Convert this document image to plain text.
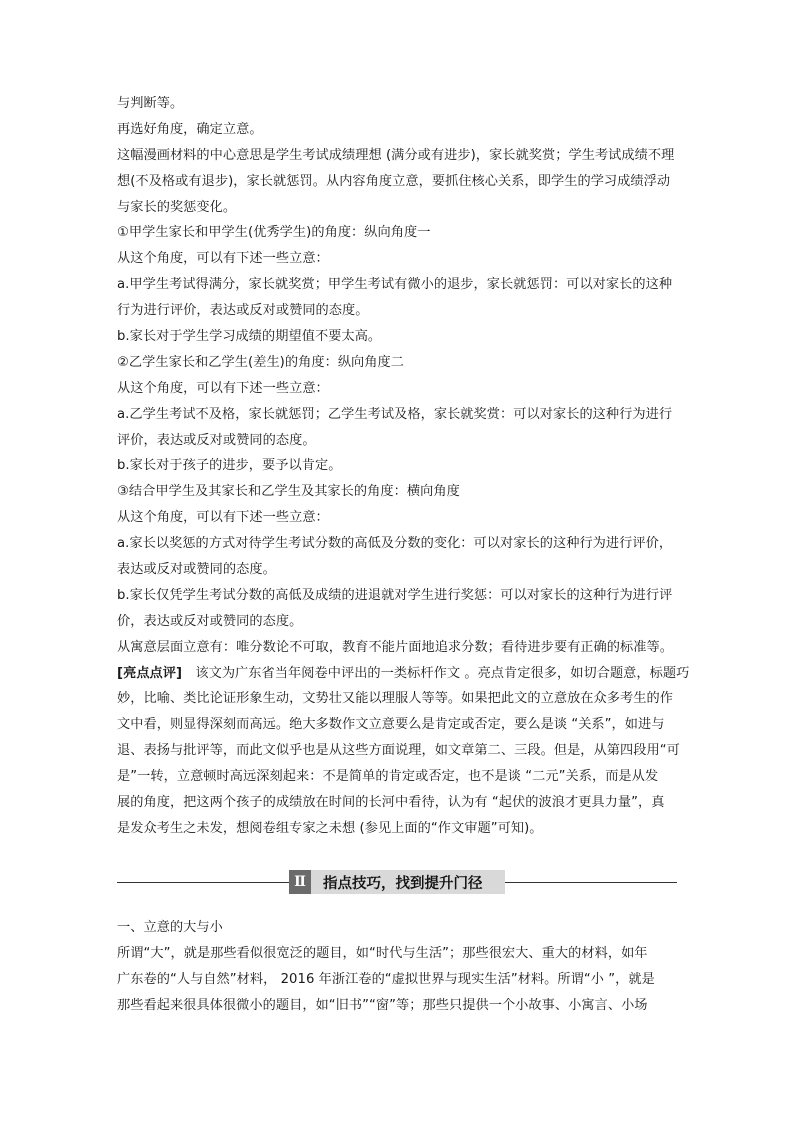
与判断等。
再选好角度，确定立意。
这幅漫画材料的中心意思是学生考试成绩理想 (满分或有进步)，家长就奖赏；学生考试成绩不理
想(不及格或有退步)，家长就惩罚。从内容角度立意，要抓住核心关系，即学生的学习成绩浮动
与家长的奖惩变化。
①甲学生家长和甲学生(优秀学生)的角度：纵向角度一
从这个角度，可以有下述一些立意：
a.甲学生考试得满分，家长就奖赏；甲学生考试有微小的退步，家长就惩罚：可以对家长的这种
行为进行评价，表达或反对或赞同的态度。
b.家长对于学生学习成绩的期望值不要太高。
②乙学生家长和乙学生(差生)的角度：纵向角度二
从这个角度，可以有下述一些立意：
a.乙学生考试不及格，家长就惩罚；乙学生考试及格，家长就奖赏：可以对家长的这种行为进行
评价，表达或反对或赞同的态度。
b.家长对于孩子的进步，要予以肯定。
③结合甲学生及其家长和乙学生及其家长的角度：横向角度
从这个角度，可以有下述一些立意：
a.家长以奖惩的方式对待学生考试分数的高低及分数的变化：可以对家长的这种行为进行评价，
表达或反对或赞同的态度。
b.家长仅凭学生考试分数的高低及成绩的进退就对学生进行奖惩：可以对家长的这种行为进行评
价，表达或反对或赞同的态度。
从寓意层面立意有：唯分数论不可取，教育不能片面地追求分数；看待进步要有正确的标准等。
[亮点点评]　该文为广东省当年阅卷中评出的一类标杆作文 。亮点肯定很多，如切合题意，标题巧
妙，比喻、类比论证形象生动，文势壮又能以理服人等等。如果把此文的立意放在众多考生的作
文中看，则显得深刻而高远。绝大多数作文立意要么是肯定或否定，要么是谈 “关系”，如进与
退、表扬与批评等，而此文似乎也是从这些方面说理，如文章第二、三段。但是，从第四段用“可
是”一转，立意顿时高远深刻起来：不是简单的肯定或否定，也不是谈 “二元”关系，而是从发
展的角度，把这两个孩子的成绩放在时间的长河中看待，认为有 “起伏的波浪才更具力量”，真
是发众考生之未发，想阅卷组专家之未想 (参见上面的“作文审题”可知)。
Ⅱ	指点技巧，找到提升门径
一、立意的大与小
所谓“大”，就是那些看似很宽泛的题目，如“时代与生活”；那些很宏大、重大的材料，如年
广东卷的“人与自然”材料， 2016 年浙江卷的“虚拟世界与现实生活”材料。所谓“小 ”，就是
那些看起来很具体很微小的题目，如“旧书”“窗”等；那些只提供一个小故事、小寓言、小场
